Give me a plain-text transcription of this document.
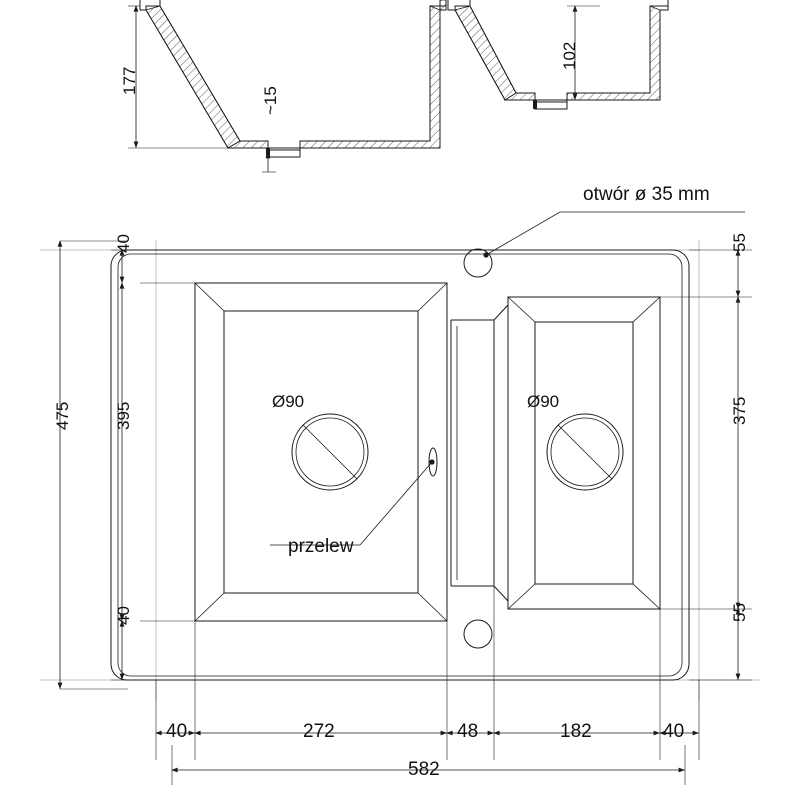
177
102
~15
otwór ø 35 mm
przelew
Ø90	Ø90
40
395
40
475
55
375
55
40	272	48	182	40
582
